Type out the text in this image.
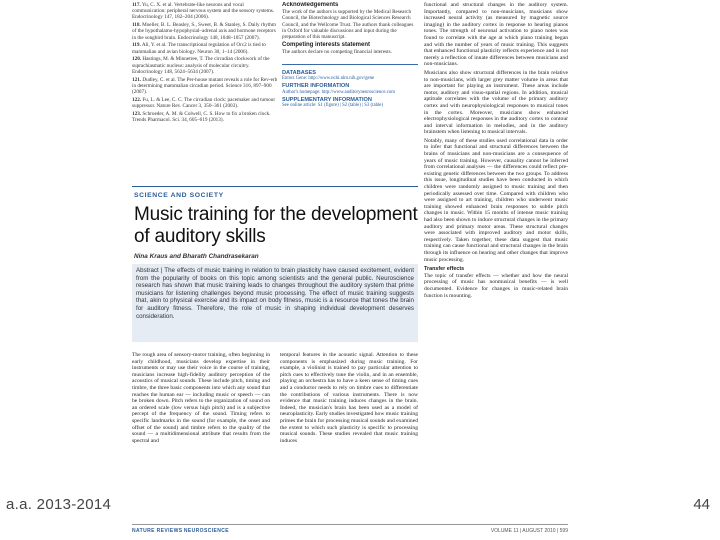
117. Yu, C. X. et al. Vertebrate-like neurons and vocal communication: peripheral nervous system and the sensory systems. Endocrinology 147, 182–204 (2006).

118. Moeller, B. L. Beasley, S., Sweet, B. & Stanley, S. Daily rhythm of the hypothalamo-hypophysial–adrenal axis and hormone receptors in the songbird brain. Endocrinology 148, 1048–1057 (2007).

119. Ali, Y. et al. The transcriptional regulation of Orc2 is tied to mammalian and avian biology. Neuron 30, 1–14 (2006).

120. Hastings, M. & Minnetree, T. The circadian clockwork of the suprachiasmatic nucleus: analysis of molecular circuitry. Endocrinology 148, 5624–5634 (2007).

121. Dudley, C. et al. The Per-house mutant reveals a role for Rev-erb in determining mammalian circadian period. Science 316, 897–900 (2007).

122. Fu, L. & Lee, C. C. The circadian clock: pacemaker and tumour suppressor. Nature Rev. Cancer 3, 350–361 (2003).

123. Schroeder, A. M. & Colwell, C. S. How to fix a broken clock. Trends Pharmacol. Sci. 34, 605–619 (2013).

Acknowledgements

The work of the authors is supported by the Medical Research Council, the Biotechnology and Biological Sciences Research Council, and the Wellcome Trust. The authors thank colleagues in Oxford for valuable discussions and input during the preparation of this manuscript.

Competing interests statement

The authors declare no competing financial interests.

DATABASES

Entrez Gene: http://www.ncbi.nlm.nih.gov/gene

FURTHER INFORMATION

Author's homepage: http://www.auditoryneuroscience.com

SUPPLEMENTARY INFORMATION

See online article: S1 (figure) | S2 (table) | S3 (table)

functional and structural changes in the auditory system. Importantly, compared to non-musicians, musicians show increased neural activity (as measured by magnetic source imaging) in the auditory cortex in response to hearing pianos tones. The strength of neuronal activation to piano notes was found to correlate with the age at which piano training began and with the number of years of music training. This suggests that enhanced functional plasticity reflects experience and is not merely a reflection of innate differences between musicians and non-musicians.

Musicians also show structural differences in the brain relative to non-musicians, with larger grey matter volume in areas that are important for playing an instrument. These areas include motor, auditory and visuo-spatial regions. In addition, musical aptitude correlates with the volume of the primary auditory cortex and with neurophysiological responses to musical tones in the cortex. Moreover, musicians show enhanced electrophysiological responses in the auditory cortex to contour and interval information in melodies, and in the auditory brainstem when listening to musical intervals.

Notably, many of these studies used correlational data in order to infer that functional and structural differences between the brains of musicians and non-musicians are a consequence of years of music training. However, causality cannot be inferred from correlational analyses — the differences could reflect pre-existing genetic differences between the two groups. To address this issue, longitudinal studies have been conducted in which children were randomly assigned to music training and then periodically assessed over time. Compared with children who were assigned to art training, children who underwent music training showed enhanced brain responses to subtle pitch changes in music. Within 15 months of intense music training had also been shown to induce structural changes in the primary auditory and primary motor areas. These structural changes were associated with improved auditory and motor skills, respectively. Taken together, these data suggest that music training can cause functional and structural changes in the brain through its influence on hearing and other changes that improve music processing.

Transfer effects

The topic of transfer effects — whether and how the neural processing of music has nonmusical benefits — is well documented. Evidence for changes in music-related brain function is mounting.

SCIENCE AND SOCIETY
Music training for the development of auditory skills
Nina Kraus and Bharath Chandrasekaran
Abstract | The effects of music training in relation to brain plasticity have caused excitement, evident from the popularity of books on this topic among scientists and the general public. Neuroscience research has shown that music training leads to changes throughout the auditory system that prime musicians for listening challenges beyond music processing. The effect of music training suggests that, akin to physical exercise and its impact on body fitness, music is a resource that tones the brain for auditory fitness. Therefore, the role of music in shaping individual development deserves consideration.
The rough area of sensory-motor training, often beginning in early childhood, musicians develop expertise in their instruments or may use their voice in the course of training, musicians increase high-fidelity auditory perception of the acoustics of musical sounds. These include pitch, timing and timbre, the three basic components into which any sound that reaches the human ear — including music or speech — can be broken down. Pitch refers to the organization of sound on an ordered scale (low versus high pitch) and is a subjective percept of the frequency of the sound. Timing refers to specific landmarks in the sound (for example, the onset and offset of the sound) and timbre refers to the quality of the sound — a multidimensional attribute that results from the spectral and
temporal features in the acoustic signal. Attention to these components is emphasized during music training. For example, a violinist is trained to pay particular attention to pitch cues to effectively tune the violin, and in an ensemble, playing an orchestra has to have a keen sense of timing cues and a conductor needs to rely on timbre cues to differentiate the contributions of various instruments. There is now evidence that music training induces changes in the brain. Indeed, the musician's brain has been used as a model of neuroplasticity. Early studies investigated how music training primes the brain for processing musical sounds and examined the extent to which such plasticity is specific to processing musical sounds. These studies revealed that music training induces
NATURE REVIEWS NEUROSCIENCE	VOLUME 11 | AUGUST 2010 | 599
a.a. 2013-2014	44
